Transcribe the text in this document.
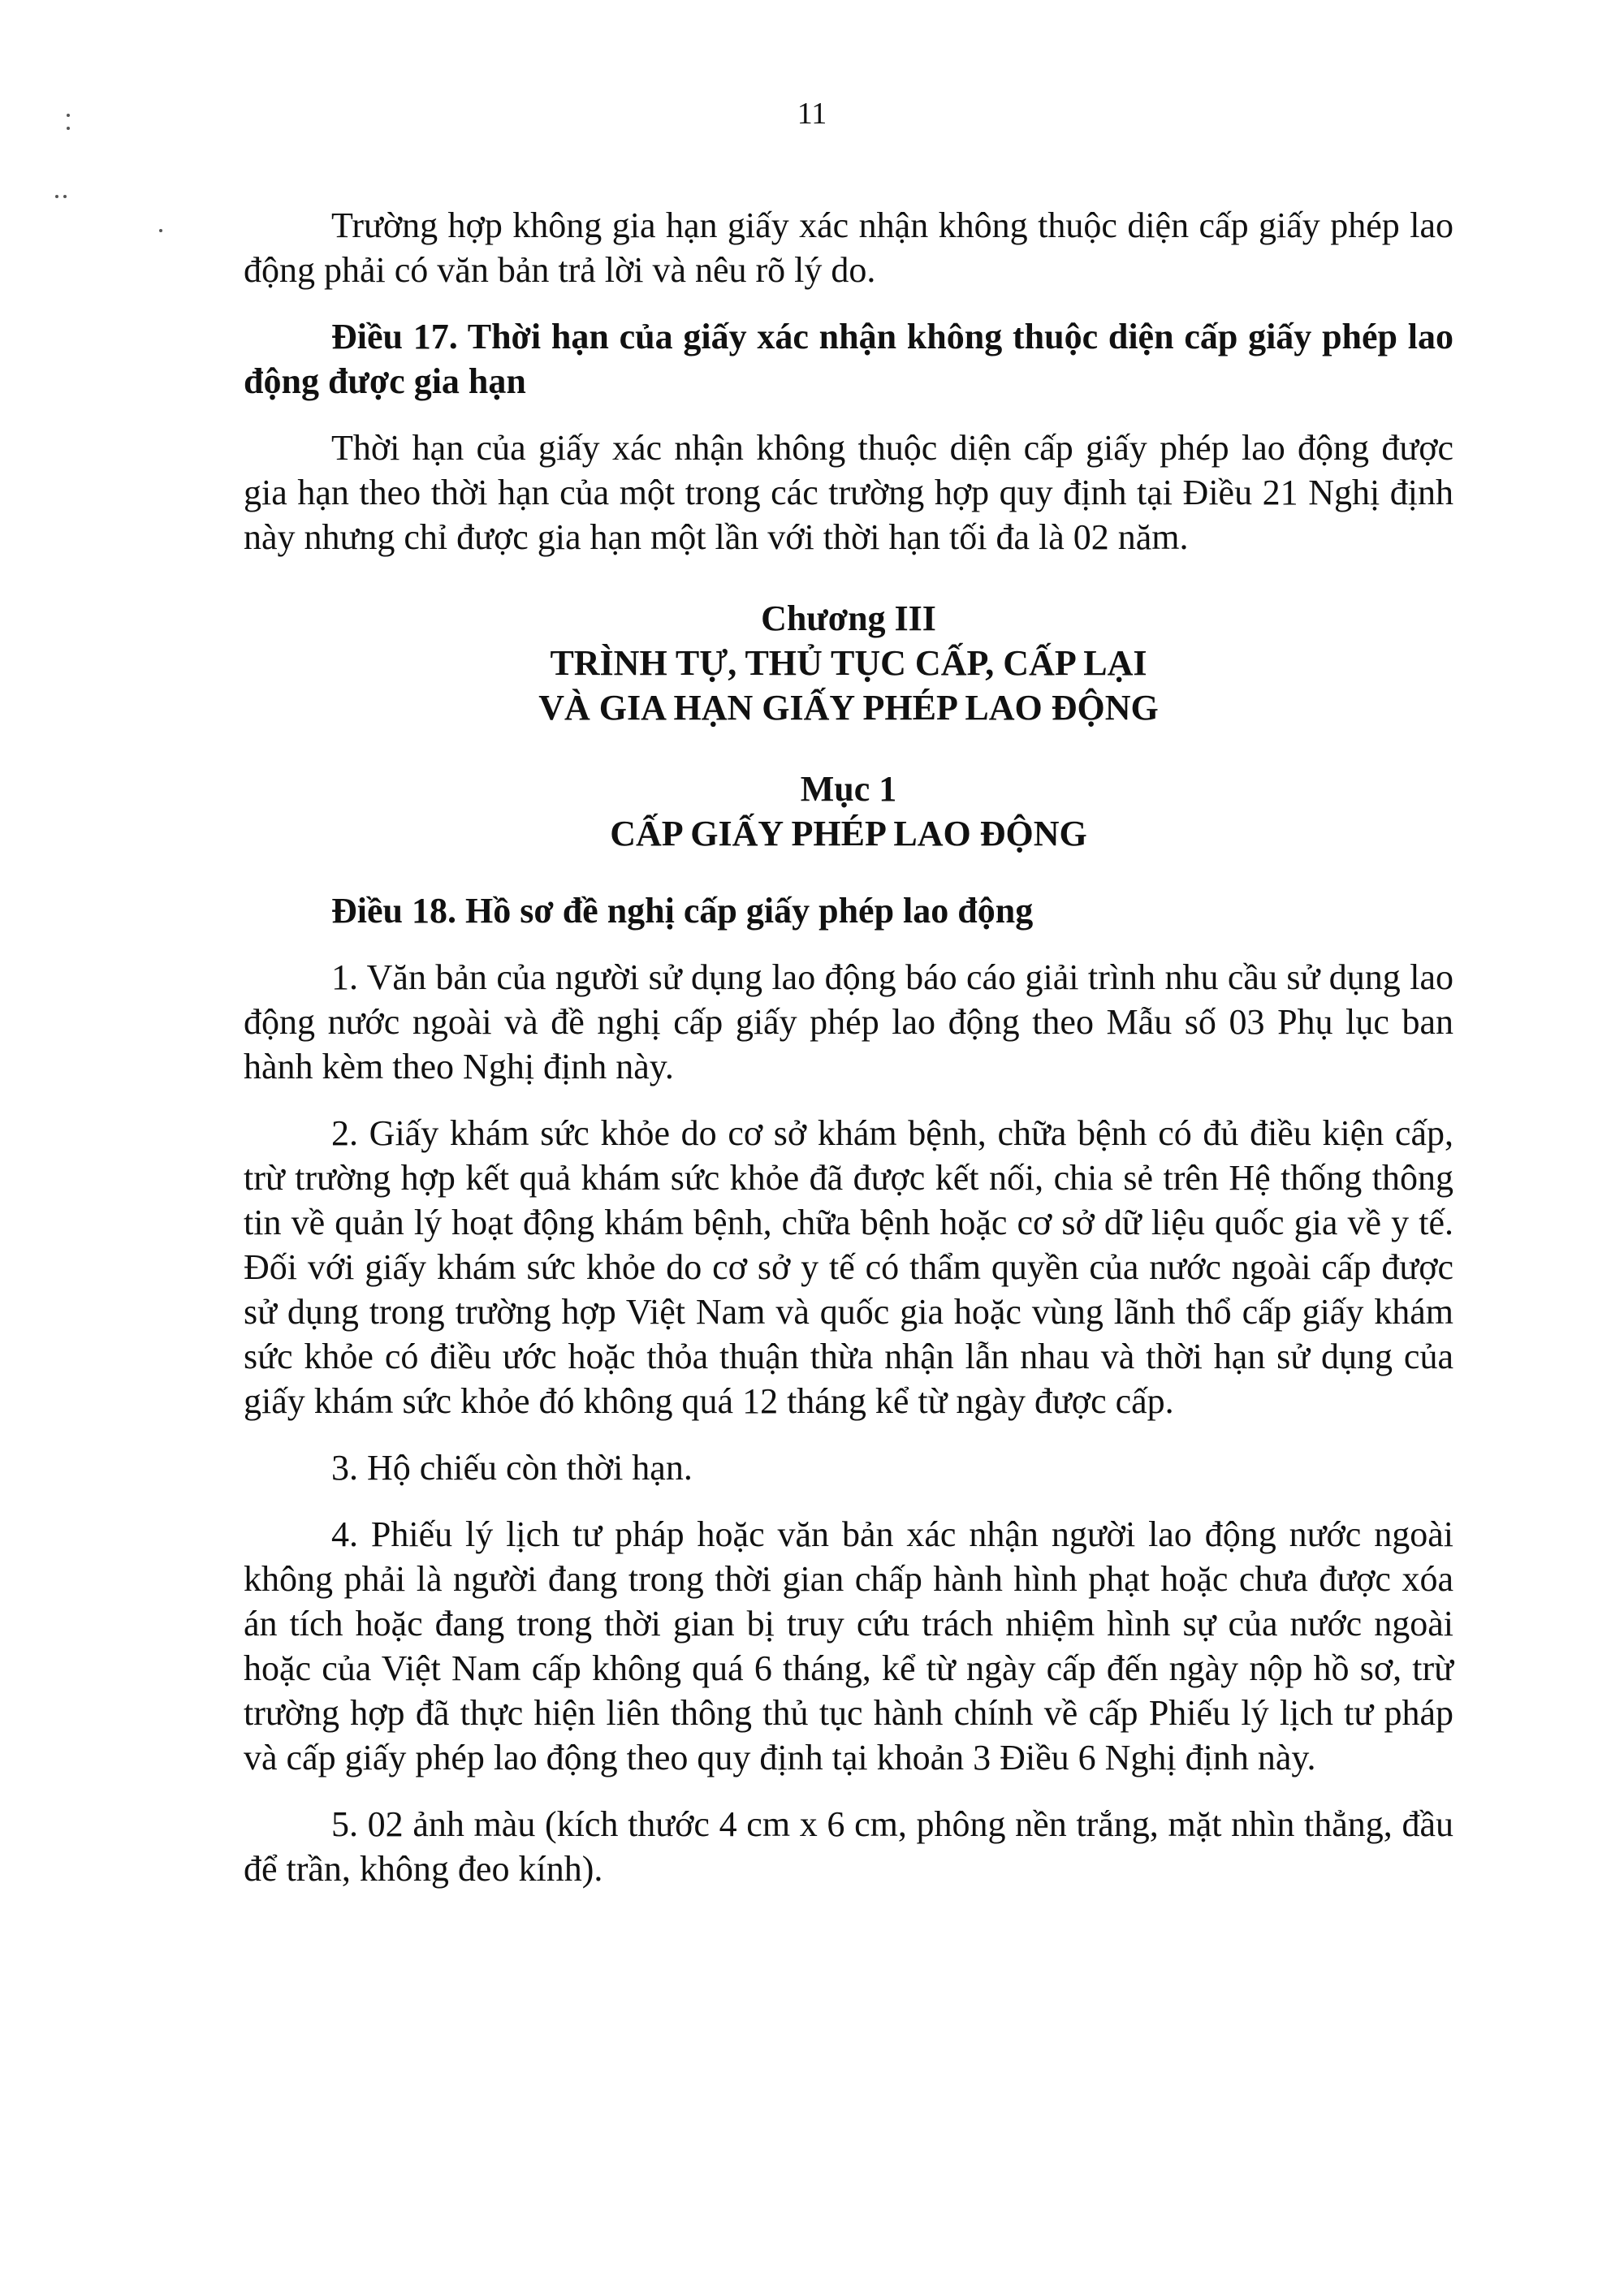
11

Trường hợp không gia hạn giấy xác nhận không thuộc diện cấp giấy phép lao động phải có văn bản trả lời và nêu rõ lý do.

Điều 17. Thời hạn của giấy xác nhận không thuộc diện cấp giấy phép lao động được gia hạn

Thời hạn của giấy xác nhận không thuộc diện cấp giấy phép lao động được gia hạn theo thời hạn của một trong các trường hợp quy định tại Điều 21 Nghị định này nhưng chỉ được gia hạn một lần với thời hạn tối đa là 02 năm.

Chương III
TRÌNH TỰ, THỦ TỤC CẤP, CẤP LẠI
VÀ GIA HẠN GIẤY PHÉP LAO ĐỘNG
Mục 1
CẤP GIẤY PHÉP LAO ĐỘNG

Điều 18. Hồ sơ đề nghị cấp giấy phép lao động

1. Văn bản của người sử dụng lao động báo cáo giải trình nhu cầu sử dụng lao động nước ngoài và đề nghị cấp giấy phép lao động theo Mẫu số 03 Phụ lục ban hành kèm theo Nghị định này.

2. Giấy khám sức khỏe do cơ sở khám bệnh, chữa bệnh có đủ điều kiện cấp, trừ trường hợp kết quả khám sức khỏe đã được kết nối, chia sẻ trên Hệ thống thông tin về quản lý hoạt động khám bệnh, chữa bệnh hoặc cơ sở dữ liệu quốc gia về y tế. Đối với giấy khám sức khỏe do cơ sở y tế có thẩm quyền của nước ngoài cấp được sử dụng trong trường hợp Việt Nam và quốc gia hoặc vùng lãnh thổ cấp giấy khám sức khỏe có điều ước hoặc thỏa thuận thừa nhận lẫn nhau và thời hạn sử dụng của giấy khám sức khỏe đó không quá 12 tháng kể từ ngày được cấp.

3. Hộ chiếu còn thời hạn.

4. Phiếu lý lịch tư pháp hoặc văn bản xác nhận người lao động nước ngoài không phải là người đang trong thời gian chấp hành hình phạt hoặc chưa được xóa án tích hoặc đang trong thời gian bị truy cứu trách nhiệm hình sự của nước ngoài hoặc của Việt Nam cấp không quá 6 tháng, kể từ ngày cấp đến ngày nộp hồ sơ, trừ trường hợp đã thực hiện liên thông thủ tục hành chính về cấp Phiếu lý lịch tư pháp và cấp giấy phép lao động theo quy định tại khoản 3 Điều 6 Nghị định này.

5. 02 ảnh màu (kích thước 4 cm x 6 cm, phông nền trắng, mặt nhìn thẳng, đầu để trần, không đeo kính).
